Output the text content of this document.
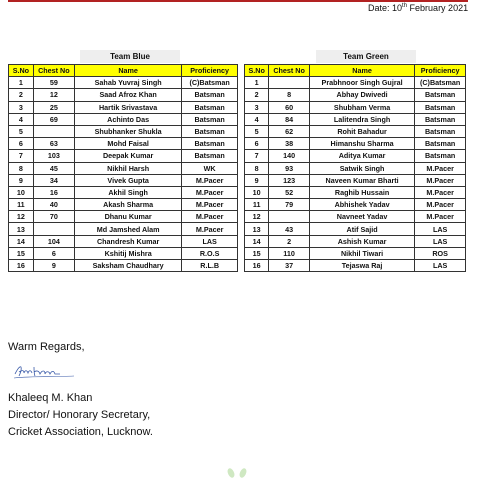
Date: 10th February 2021
Team Blue	Team Green
S.No	Chest No	Name	Proficiency
1	59	Sahab Yuvraj Singh	(C)Batsman
2	12	Saad Afroz Khan	Batsman
3	25	Hartik Srivastava	Batsman
4	69	Achinto Das	Batsman
5		Shubhanker Shukla	Batsman
6	63	Mohd Faisal	Batsman
7	103	Deepak Kumar	Batsman
8	45	Nikhil Harsh	WK
9	34	Vivek Gupta	M.Pacer
10	16	Akhil Singh	M.Pacer
11	40	Akash Sharma	M.Pacer
12	70	Dhanu Kumar	M.Pacer
13		Md Jamshed Alam	M.Pacer
14	104	Chandresh Kumar	LAS
15	6	Kshitij Mishra	R.O.S
16	9	Saksham Chaudhary	R.L.B
S.No	Chest No	Name	Proficiency
1		Prabhnoor Singh Gujral	(C)Batsman
2	8	Abhay Dwivedi	Batsman
3	60	Shubham Verma	Batsman
4	84	Lalitendra Singh	Batsman
5	62	Rohit Bahadur	Batsman
6	38	Himanshu Sharma	Batsman
7	140	Aditya Kumar	Batsman
8	93	Satwik Singh	M.Pacer
9	123	Naveen Kumar Bharti	M.Pacer
10	52	Raghib Hussain	M.Pacer
11	79	Abhishek Yadav	M.Pacer
12		Navneet Yadav	M.Pacer
13	43	Atif Sajid	LAS
14	2	Ashish Kumar	LAS
15	110	Nikhil Tiwari	ROS
16	37	Tejaswa Raj	LAS
Warm Regards,
Khaleeq M. Khan
Director/ Honorary Secretary,
Cricket Association, Lucknow.
